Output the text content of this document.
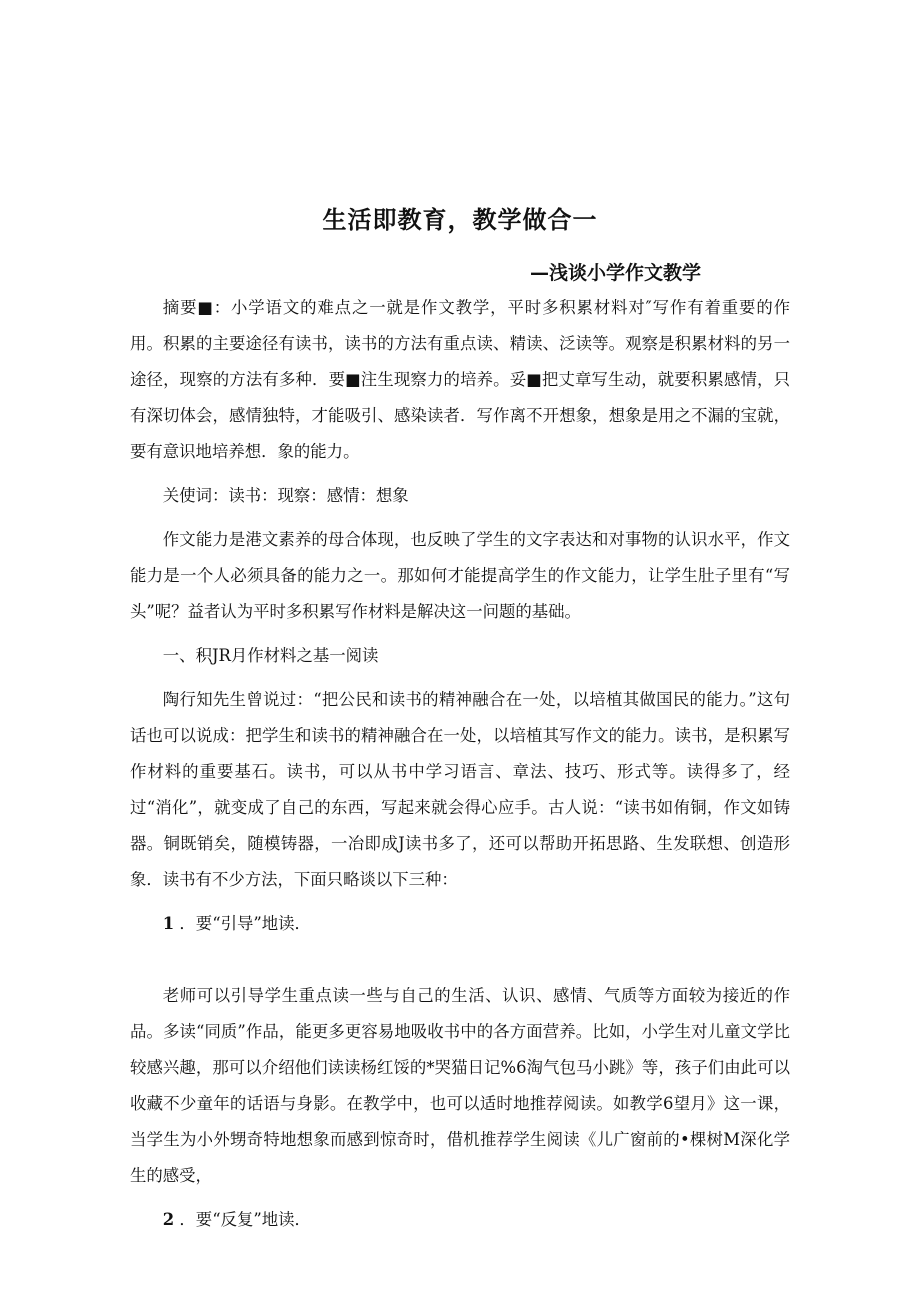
生活即教育，教学做合一
—浅谈小学作文教学

摘要■：小学语文的难点之一就是作文教学，平时多积累材料对″写作有着重要的作用。积累的主要途径有读书，读书的方法有重点读、精读、泛读等。观察是积累材料的另一途径，现察的方法有多种．要■注生现察力的培养。妥■把丈章写生动，就要积累感情，只有深切体会，感情独特，才能吸引、感染读者．写作离不开想象，想象是用之不漏的宝就，要有意识地培养想．象的能力。

关使词：读书：现察：感情：想象

作文能力是港文素养的母合体现，也反映了学生的文字表达和对事物的认识水平，作文能力是一个人必须具备的能力之一。那如何才能提高学生的作文能力，让学生肚子里有“写头”呢？益者认为平时多积累写作材料是解决这一问题的基础。

一、积JR月作材料之基一阅读

陶行知先生曾说过：“把公民和读书的精神融合在一处，以培植其做国民的能力。”这句话也可以说成：把学生和读书的精神融合在一处，以培植其写作文的能力。读书，是积累写作材料的重要基石。读书，可以从书中学习语言、章法、技巧、形式等。读得多了，经过“消化”，就变成了自己的东西，写起来就会得心应手。古人说：“读书如侑铜，作文如铸器。铜既销矣，随模铸器，一冶即成J读书多了，还可以帮助开拓思路、生发联想、创造形象．读书有不少方法，下面只略谈以下三种：

1 ．要“引导”地读．

老师可以引导学生重点读一些与自己的生活、认识、感情、气质等方面较为接近的作品。多读“同质”作品，能更多更容易地吸收书中的各方面营养。比如，小学生对儿童文学比较感兴趣，那可以介绍他们读读杨红馁的*哭猫日记%6淘气包马小跳》等，孩子们由此可以收藏不少童年的话语与身影。在教学中，也可以适时地推荐阅读。如教学6望月》这一课，当学生为小外甥奇特地想象而感到惊奇时，借机推荐学生阅读《儿广窗前的•棵树M深化学生的感受，

2 ．要“反复”地读．
